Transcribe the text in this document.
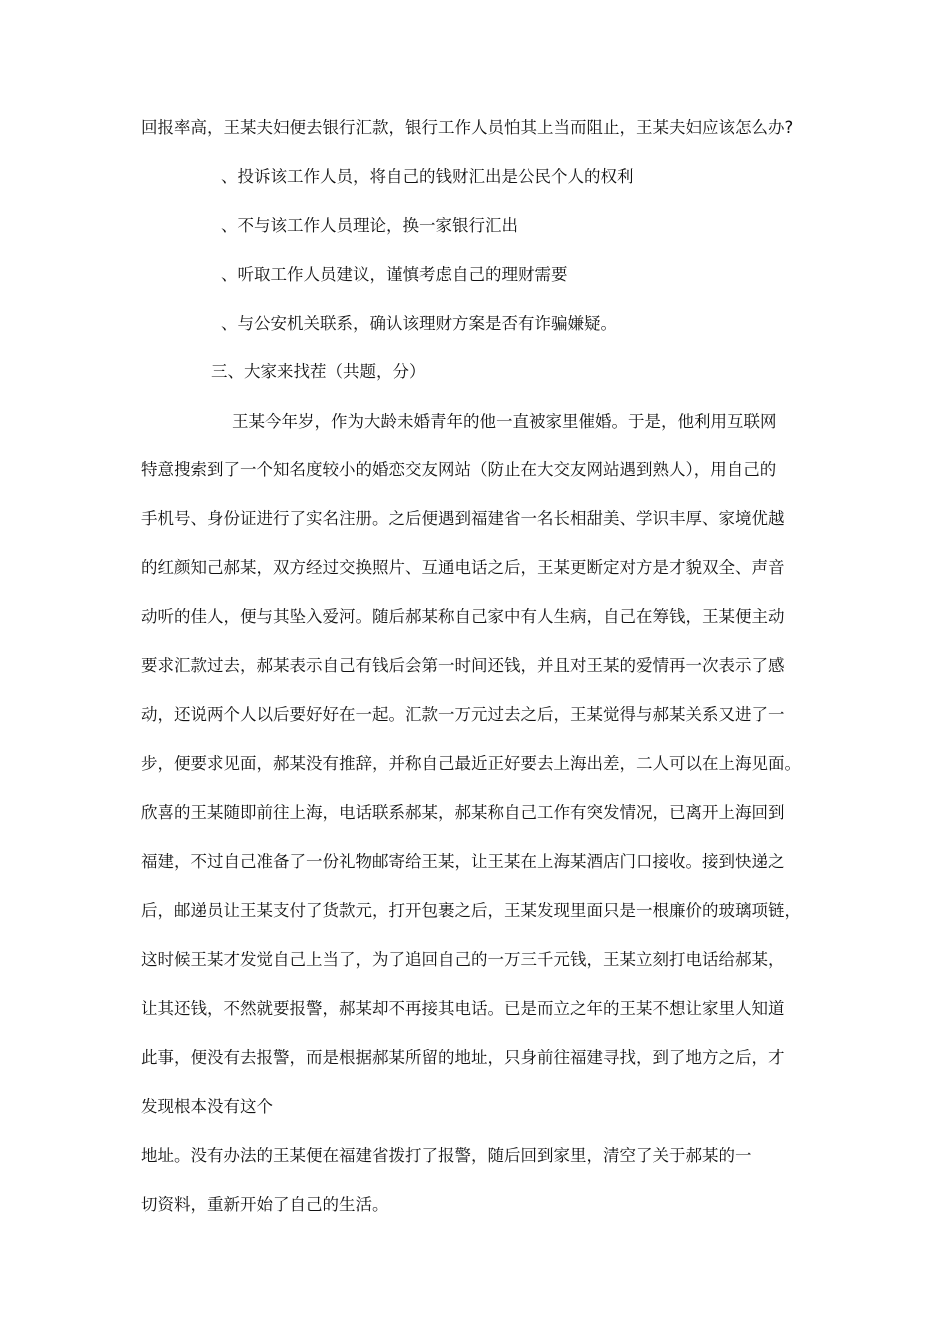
回报率高，王某夫妇便去银行汇款，银行工作人员怕其上当而阻止，王某夫妇应该怎么办?
、投诉该工作人员，将自己的钱财汇出是公民个人的权利
、不与该工作人员理论，换一家银行汇出
、听取工作人员建议，谨慎考虑自己的理财需要
、与公安机关联系，确认该理财方案是否有诈骗嫌疑。
三、大家来找茬（共题，分）
王某今年岁，作为大龄未婚青年的他一直被家里催婚。于是，他利用互联网
特意搜索到了一个知名度较小的婚恋交友网站（防止在大交友网站遇到熟人），用自己的
手机号、身份证进行了实名注册。之后便遇到福建省一名长相甜美、学识丰厚、家境优越
的红颜知己郝某，双方经过交换照片、互通电话之后，王某更断定对方是才貌双全、声音
动听的佳人，便与其坠入爱河。随后郝某称自己家中有人生病，自己在筹钱，王某便主动
要求汇款过去，郝某表示自己有钱后会第一时间还钱，并且对王某的爱情再一次表示了感
动，还说两个人以后要好好在一起。汇款一万元过去之后，王某觉得与郝某关系又进了一
步，便要求见面，郝某没有推辞，并称自己最近正好要去上海出差，二人可以在上海见面。
欣喜的王某随即前往上海，电话联系郝某，郝某称自己工作有突发情况，已离开上海回到
福建，不过自己准备了一份礼物邮寄给王某，让王某在上海某酒店门口接收。接到快递之
后，邮递员让王某支付了货款元，打开包裹之后，王某发现里面只是一根廉价的玻璃项链，
这时候王某才发觉自己上当了，为了追回自己的一万三千元钱，王某立刻打电话给郝某，
让其还钱，不然就要报警，郝某却不再接其电话。已是而立之年的王某不想让家里人知道
此事，便没有去报警，而是根据郝某所留的地址，只身前往福建寻找，到了地方之后，才
发现根本没有这个
地址。没有办法的王某便在福建省拨打了报警，随后回到家里，清空了关于郝某的一
切资料，重新开始了自己的生活。
